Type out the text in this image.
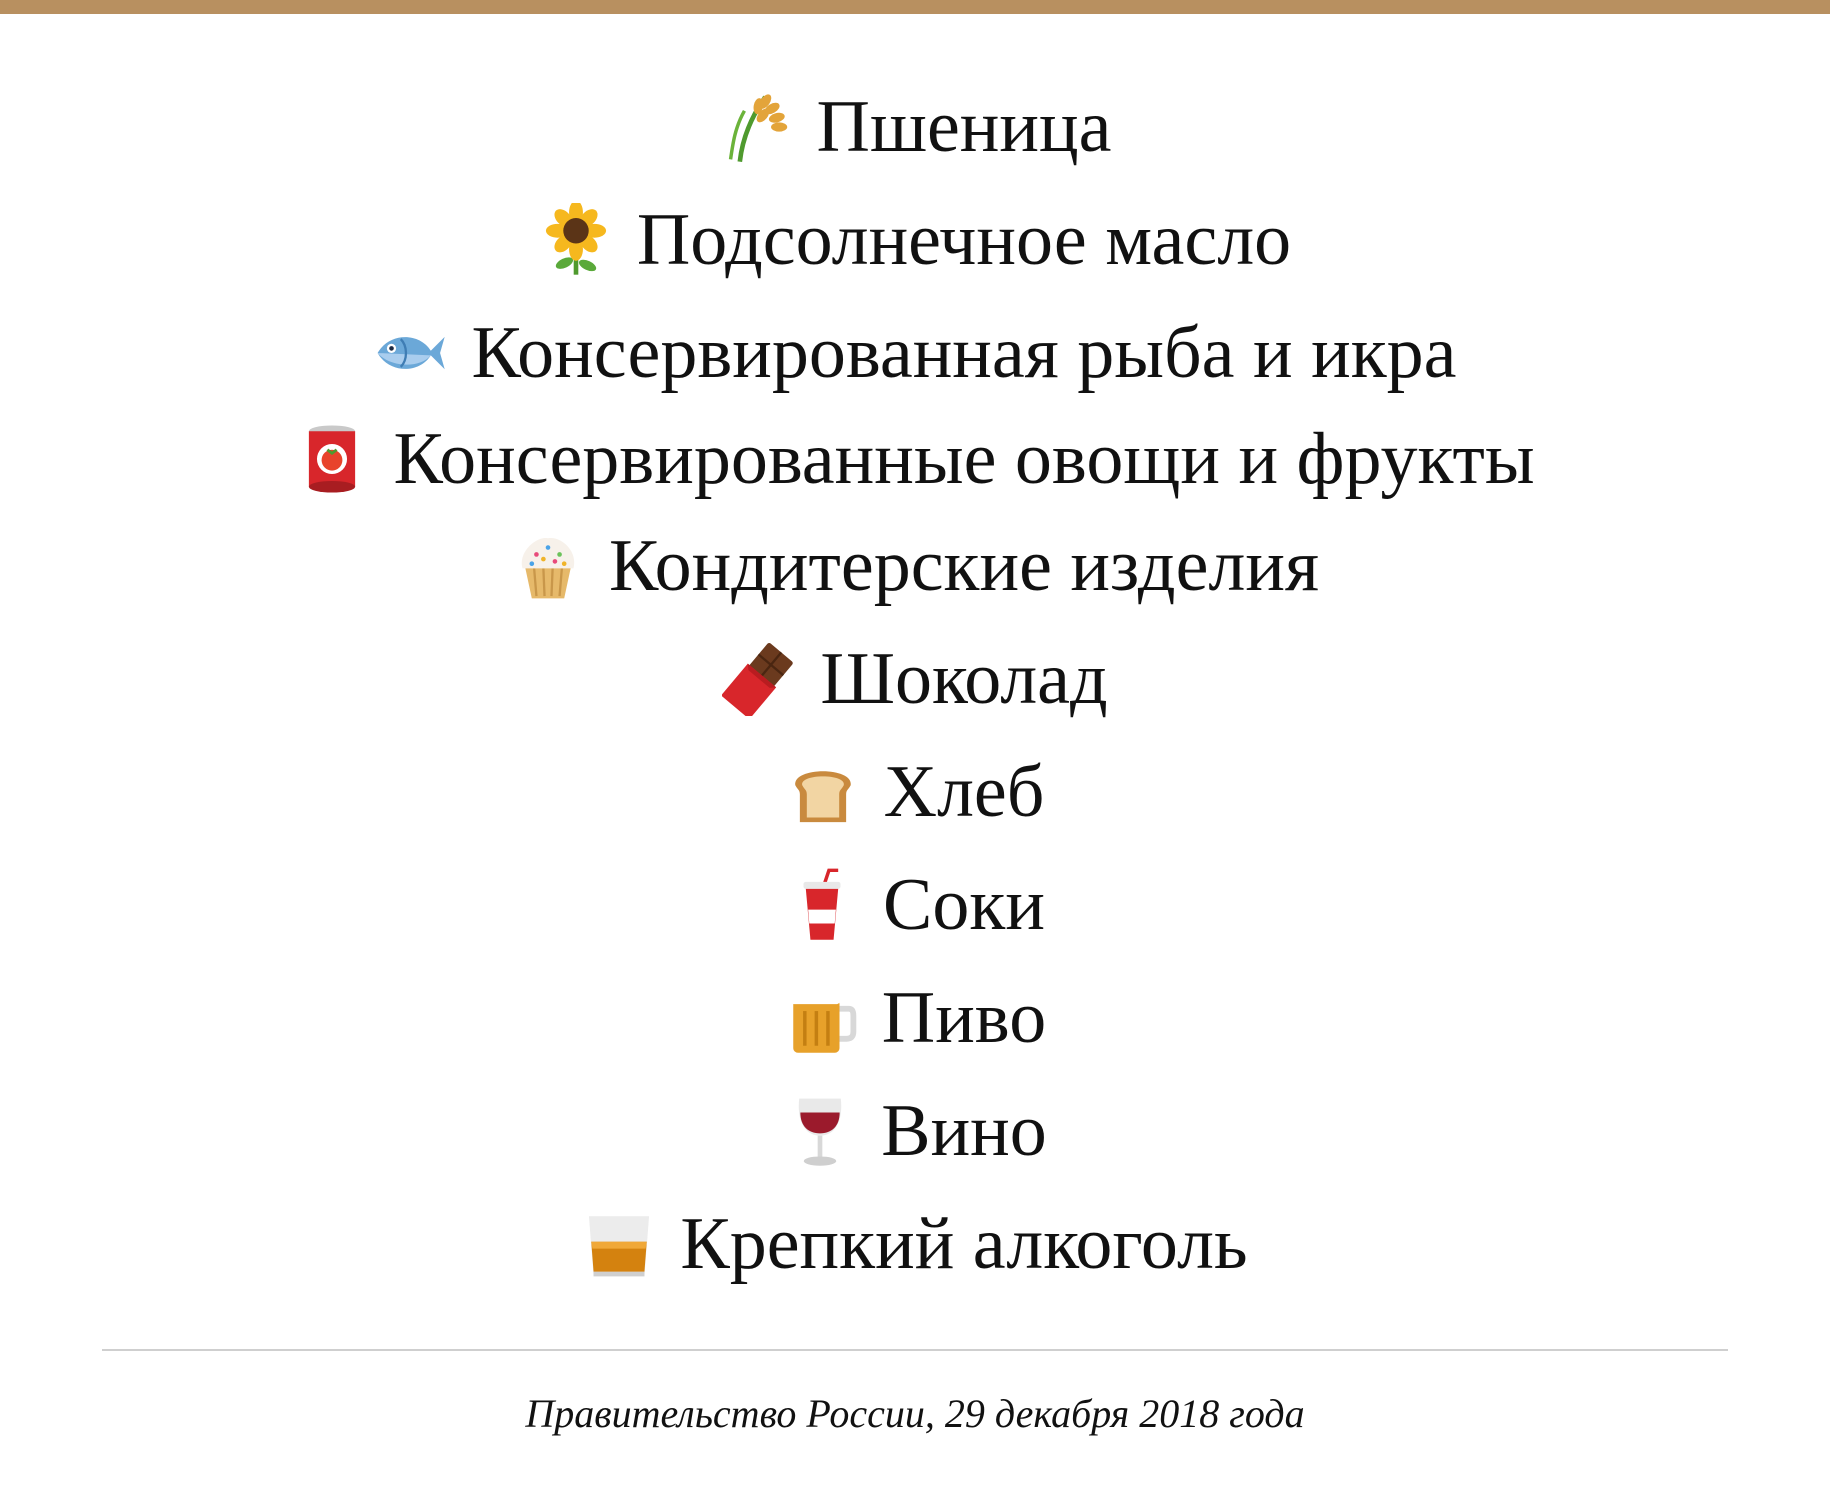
Пшеница
Подсолнечное масло
Консервированная рыба и икра
Консервированные овощи и фрукты
Кондитерские изделия
Шоколад
Хлеб
Соки
Пиво
Вино
Крепкий алкоголь
Правительство России, 29 декабря 2018 года
